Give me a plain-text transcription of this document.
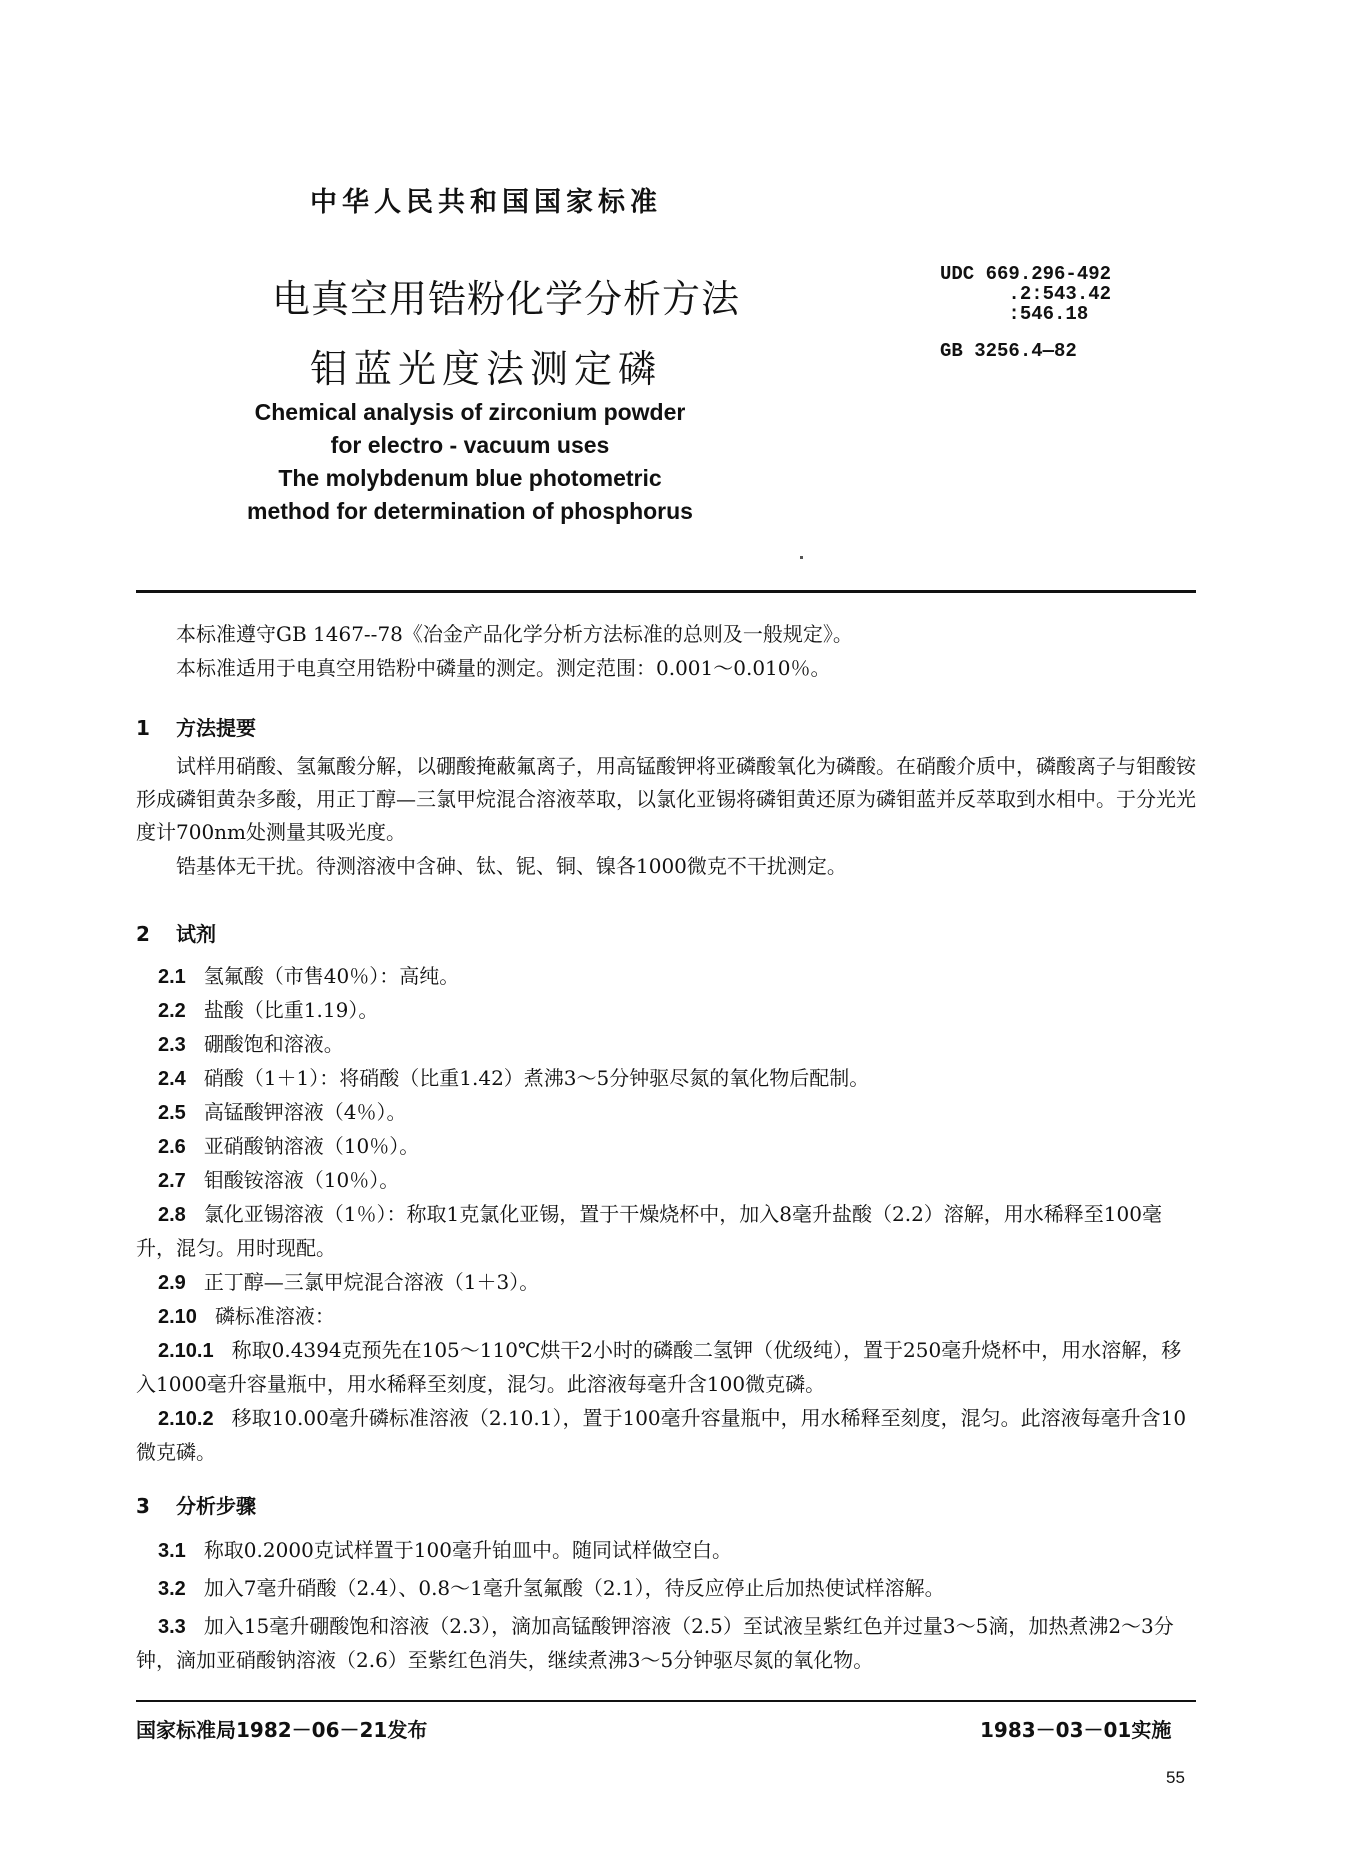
中华人民共和国国家标准
电真空用锆粉化学分析方法
钼蓝光度法测定磷
UDC 669.296-492
.2:543.42
:546.18
GB 3256.4—82
Chemical analysis of zirconium powder
for electro - vacuum uses
The molybdenum blue photometric
method for determination of phosphorus
本标准遵守GB 1467--78《冶金产品化学分析方法标准的总则及一般规定》。
本标准适用于电真空用锆粉中磷量的测定。测定范围：0.001～0.010％。
1 方法提要
试样用硝酸、氢氟酸分解，以硼酸掩蔽氟离子，用高锰酸钾将亚磷酸氧化为磷酸。在硝酸介质中，磷酸离子与钼酸铵形成磷钼黄杂多酸，用正丁醇—三氯甲烷混合溶液萃取，以氯化亚锡将磷钼黄还原为磷钼蓝并反萃取到水相中。于分光光度计700nm处测量其吸光度。
锆基体无干扰。待测溶液中含砷、钛、铌、铜、镍各1000微克不干扰测定。
2 试剂
2.1 氢氟酸（市售40％）：高纯。
2.2 盐酸（比重1.19）。
2.3 硼酸饱和溶液。
2.4 硝酸（1＋1）：将硝酸（比重1.42）煮沸3～5分钟驱尽氮的氧化物后配制。
2.5 高锰酸钾溶液（4％）。
2.6 亚硝酸钠溶液（10％）。
2.7 钼酸铵溶液（10％）。
2.8 氯化亚锡溶液（1％）：称取1克氯化亚锡，置于干燥烧杯中，加入8毫升盐酸（2.2）溶解，用水稀释至100毫升，混匀。用时现配。
2.9 正丁醇—三氯甲烷混合溶液（1＋3）。
2.10 磷标准溶液：
2.10.1 称取0.4394克预先在105～110℃烘干2小时的磷酸二氢钾（优级纯），置于250毫升烧杯中，用水溶解，移入1000毫升容量瓶中，用水稀释至刻度，混匀。此溶液每毫升含100微克磷。
2.10.2 移取10.00毫升磷标准溶液（2.10.1），置于100毫升容量瓶中，用水稀释至刻度，混匀。此溶液每毫升含10微克磷。
3 分析步骤
3.1 称取0.2000克试样置于100毫升铂皿中。随同试样做空白。
3.2 加入7毫升硝酸（2.4）、0.8～1毫升氢氟酸（2.1），待反应停止后加热使试样溶解。
3.3 加入15毫升硼酸饱和溶液（2.3），滴加高锰酸钾溶液（2.5）至试液呈紫红色并过量3～5滴，加热煮沸2～3分钟，滴加亚硝酸钠溶液（2.6）至紫红色消失，继续煮沸3～5分钟驱尽氮的氧化物。
国家标准局1982－06－21发布	1983－03－01实施
55
